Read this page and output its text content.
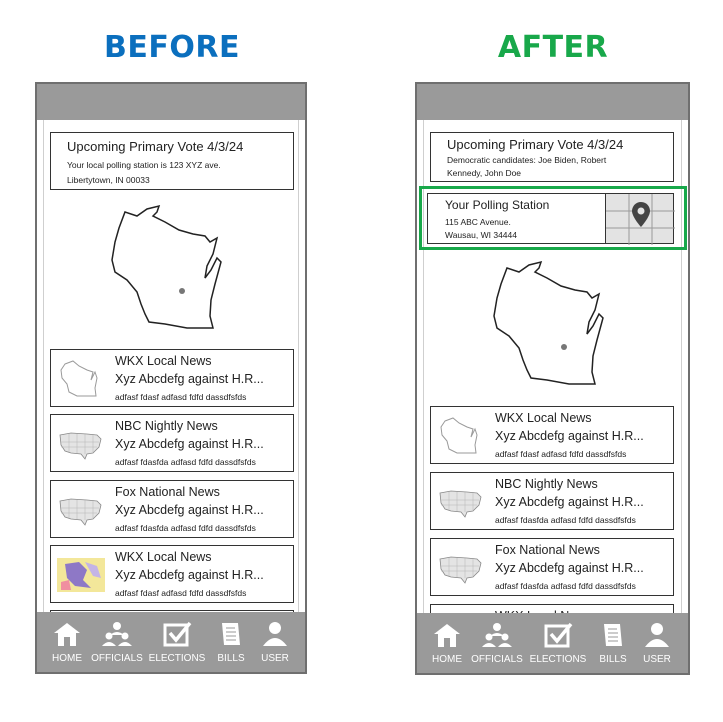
BEFORE	AFTER
Upcoming Primary Vote 4/3/24
Your local polling station is 123 XYZ ave.
Libertytown, IN 00033
WKX Local News
Xyz Abcdefg against H.R...
adfasf fdasf adfasd fdfd dassdfsfds
NBC Nightly News
Xyz Abcdefg against H.R...
adfasf fdasfda adfasd fdfd dassdfsfds
Fox National News
Xyz Abcdefg against H.R...
adfasf fdasfda adfasd fdfd dassdfsfds
WKX Local News
Xyz Abcdefg against H.R...
adfasf fdasf adfasd fdfd dassdfsfds
HOME OFFICIALS ELECTIONS	BILLS	USER
Upcoming Primary Vote 4/3/24
Democratic candidates: Joe Biden, Robert
Kennedy, John Doe
Your Polling Station
115 ABC Avenue.
Wausau, WI 34444
WKX Local News
Xyz Abcdefg against H.R...
adfasf fdasf adfasd fdfd dassdfsfds
NBC Nightly News
Xyz Abcdefg against H.R...
adfasf fdasfda adfasd fdfd dassdfsfds
Fox National News
Xyz Abcdefg against H.R...
adfasf fdasfda adfasd fdfd dassdfsfds
HOME OFFICIALS ELECTIONS	BILLS	USER
